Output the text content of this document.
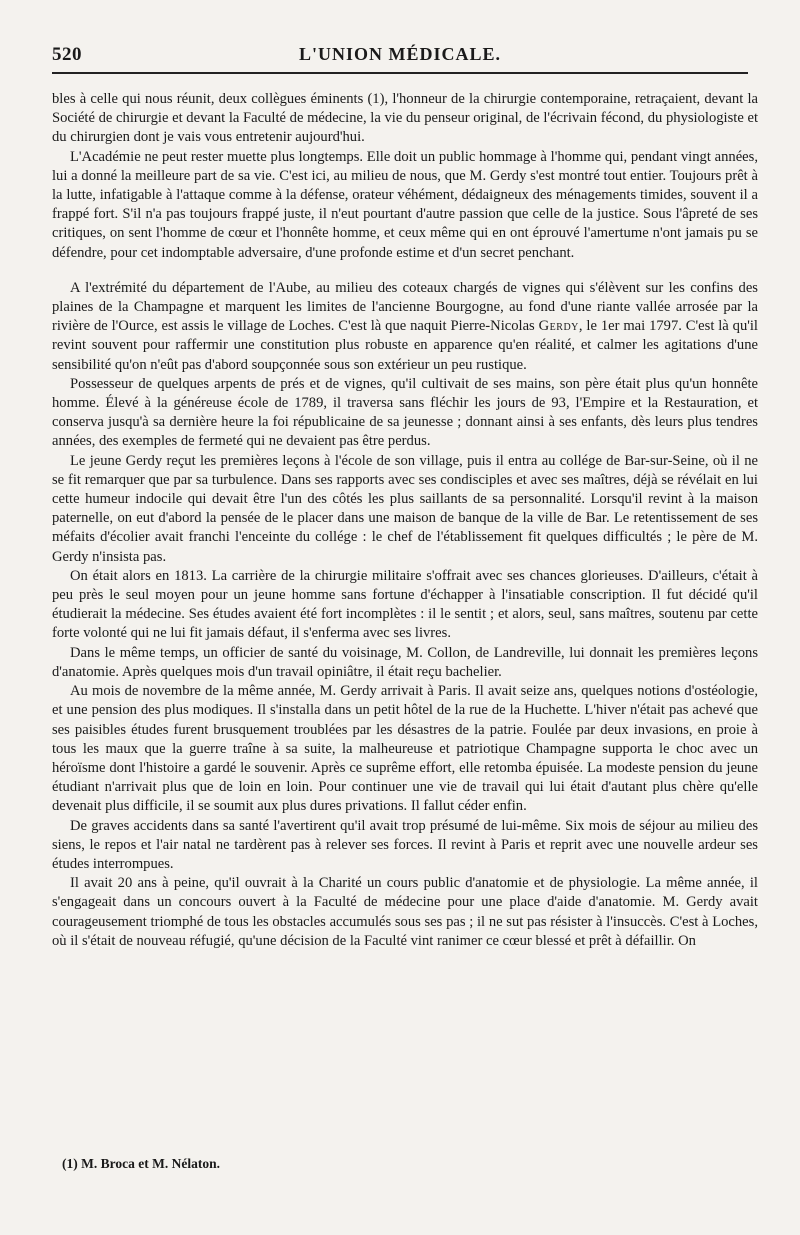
520	L'UNION MÉDICALE.

bles à celle qui nous réunit, deux collègues éminents (1), l'honneur de la chirurgie contemporaine, retraçaient, devant la Société de chirurgie et devant la Faculté de médecine, la vie du penseur original, de l'écrivain fécond, du physiologiste et du chirurgien dont je vais vous entretenir aujourd'hui.

L'Académie ne peut rester muette plus longtemps. Elle doit un public hommage à l'homme qui, pendant vingt années, lui a donné la meilleure part de sa vie. C'est ici, au milieu de nous, que M. Gerdy s'est montré tout entier. Toujours prêt à la lutte, infatigable à l'attaque comme à la défense, orateur véhément, dédaigneux des ménagements timides, souvent il a frappé fort. S'il n'a pas toujours frappé juste, il n'eut pourtant d'autre passion que celle de la justice. Sous l'âpreté de ses critiques, on sent l'homme de cœur et l'honnête homme, et ceux même qui en ont éprouvé l'amertume n'ont jamais pu se défendre, pour cet indomptable adversaire, d'une profonde estime et d'un secret penchant.

A l'extrémité du département de l'Aube, au milieu des coteaux chargés de vignes qui s'élèvent sur les confins des plaines de la Champagne et marquent les limites de l'ancienne Bourgogne, au fond d'une riante vallée arrosée par la rivière de l'Ource, est assis le village de Loches. C'est là que naquit Pierre-Nicolas Gerdy, le 1er mai 1797. C'est là qu'il revint souvent pour raffermir une constitution plus robuste en apparence qu'en réalité, et calmer les agitations d'une sensibilité qu'on n'eût pas d'abord soupçonnée sous son extérieur un peu rustique.

Possesseur de quelques arpents de prés et de vignes, qu'il cultivait de ses mains, son père était plus qu'un honnête homme. Élevé à la généreuse école de 1789, il traversa sans fléchir les jours de 93, l'Empire et la Restauration, et conserva jusqu'à sa dernière heure la foi républicaine de sa jeunesse ; donnant ainsi à ses enfants, dès leurs plus tendres années, des exemples de fermeté qui ne devaient pas être perdus.

Le jeune Gerdy reçut les premières leçons à l'école de son village, puis il entra au collége de Bar-sur-Seine, où il ne se fit remarquer que par sa turbulence. Dans ses rapports avec ses condisciples et avec ses maîtres, déjà se révélait en lui cette humeur indocile qui devait être l'un des côtés les plus saillants de sa personnalité. Lorsqu'il revint à la maison paternelle, on eut d'abord la pensée de le placer dans une maison de banque de la ville de Bar. Le retentissement de ses méfaits d'écolier avait franchi l'enceinte du collége : le chef de l'établissement fit quelques difficultés ; le père de M. Gerdy n'insista pas.

On était alors en 1813. La carrière de la chirurgie militaire s'offrait avec ses chances glorieuses. D'ailleurs, c'était à peu près le seul moyen pour un jeune homme sans fortune d'échapper à l'insatiable conscription. Il fut décidé qu'il étudierait la médecine. Ses études avaient été fort incomplètes : il le sentit ; et alors, seul, sans maîtres, soutenu par cette forte volonté qui ne lui fit jamais défaut, il s'enferma avec ses livres.

Dans le même temps, un officier de santé du voisinage, M. Collon, de Landreville, lui donnait les premières leçons d'anatomie. Après quelques mois d'un travail opiniâtre, il était reçu bachelier.

Au mois de novembre de la même année, M. Gerdy arrivait à Paris. Il avait seize ans, quelques notions d'ostéologie, et une pension des plus modiques. Il s'installa dans un petit hôtel de la rue de la Huchette. L'hiver n'était pas achevé que ses paisibles études furent brusquement troublées par les désastres de la patrie. Foulée par deux invasions, en proie à tous les maux que la guerre traîne à sa suite, la malheureuse et patriotique Champagne supporta le choc avec un héroïsme dont l'histoire a gardé le souvenir. Après ce suprême effort, elle retomba épuisée. La modeste pension du jeune étudiant n'arrivait plus que de loin en loin. Pour continuer une vie de travail qui lui était d'autant plus chère qu'elle devenait plus difficile, il se soumit aux plus dures privations. Il fallut céder enfin.

De graves accidents dans sa santé l'avertirent qu'il avait trop présumé de lui-même. Six mois de séjour au milieu des siens, le repos et l'air natal ne tardèrent pas à relever ses forces. Il revint à Paris et reprit avec une nouvelle ardeur ses études interrompues.

Il avait 20 ans à peine, qu'il ouvrait à la Charité un cours public d'anatomie et de physiologie. La même année, il s'engageait dans un concours ouvert à la Faculté de médecine pour une place d'aide d'anatomie. M. Gerdy avait courageusement triomphé de tous les obstacles accumulés sous ses pas ; il ne sut pas résister à l'insuccès. C'est à Loches, où il s'était de nouveau réfugié, qu'une décision de la Faculté vint ranimer ce cœur blessé et prêt à défaillir. On

(1) M. Broca et M. Nélaton.
